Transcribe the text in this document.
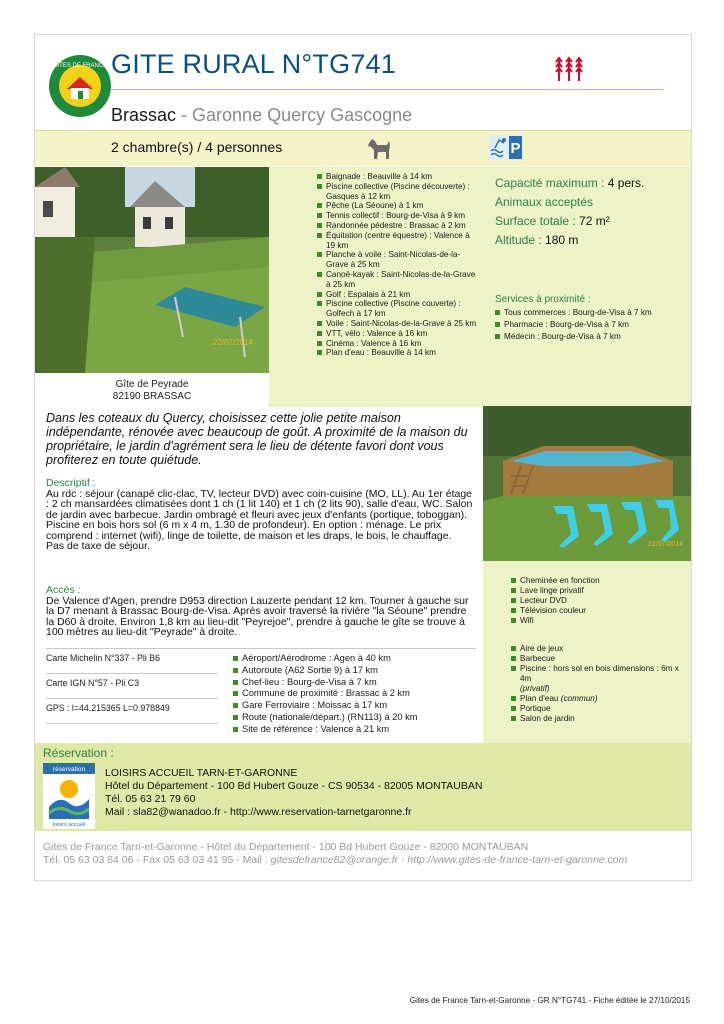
GÎTES DE FRANCE GITE RURAL N°TG741
Brassac - Garonne Quercy Gascogne
2 chambre(s) / 4 personnes	P
22/07/2014
Gîte de Peyrade
82190 BRASSAC
Baignade : Beauville à 14 km
Piscine collective (Piscine découverte) : Gasques à 12 km
Pêche (La Séoune) à 1 km
Tennis collectif : Bourg-de-Visa à 9 km
Randonnée pédestre : Brassac à 2 km
Équitation (centre équestre) : Valence à 19 km
Planche à voile : Saint-Nicolas-de-la-Grave à 25 km
Canoë-kayak : Saint-Nicolas-de-la-Grave à 25 km
Golf : Espalais à 21 km
Piscine collective (Piscine couverte) : Golfech à 17 km
Voile : Saint-Nicolas-de-la-Grave à 25 km
VTT, vélo : Valence à 16 km
Cinéma : Valence à 16 km
Plan d'eau : Beauville à 14 km
Capacité maximum : 4 pers.
Animaux acceptés
Surface totale : 72 m²
Altitude : 180 m
Services à proximité :
Tous commerces : Bourg-de-Visa à 7 km
Pharmacie : Bourg-de-Visa à 7 km
Médecin : Bourg-de-Visa à 7 km
Dans les coteaux du Quercy, choisissez cette jolie petite maison indépendante, rénovée avec beaucoup de goût. A proximité de la maison du propriétaire, le jardin d'agrément sera le lieu de détente favori dont vous profiterez en toute quiétude.
Descriptif :
Au rdc : séjour (canapé clic-clac, TV, lecteur DVD) avec coin-cuisine (MO, LL). Au 1er étage : 2 ch mansardées climatisées dont 1 ch (1 lit 140) et 1 ch (2 lits 90), salle d'eau, WC. Salon de jardin avec barbecue. Jardin ombragé et fleuri avec jeux d'enfants (portique, toboggan). Piscine en bois hors sol (6 m x 4 m, 1.30 de profondeur). En option : ménage. Le prix comprend : internet (wifi), linge de toilette, de maison et les draps, le bois, le chauffage.
Pas de taxe de séjour.
Accès :
De Valence d'Agen, prendre D953 direction Lauzerte pendant 12 km. Tourner à gauche sur la D7 menant à Brassac Bourg-de-Visa. Après avoir traversé la rivière "la Séoune" prendre la D60 à droite. Environ 1,8 km au lieu-dit "Peyrejoe", prendre à gauche le gîte se trouve à 100 mètres au lieu-dit "Peyrade" à droite.
22/07/2014
Cheminée en fonction
Lave linge privatif
Lecteur DVD
Télévision couleur
Wifi
Aire de jeux
Barbecue
Piscine : hors sol en bois dimensions : 6m x 4m
(privatif)
Plan d'eau (commun)
Portique
Salon de jardin
Carte Michelin N°337 - Pli B6
Carte IGN N°57 - Pli C3
GPS : l=44.215365 L=0.978849
Aéroport/Aérodrome : Agen à 40 km
Autoroute (A62 Sortie 9) à 17 km
Chef-lieu : Bourg-de-Visa à 7 km
Commune de proximité : Brassac à 2 km
Gare Ferroviaire : Moissac à 17 km
Route (nationale/départ.) (RN113) à 20 km
Site de référence : Valence à 21 km
Réservation :
réservation
loisirs accueil
LOISIRS ACCUEIL TARN-ET-GARONNE
Hôtel du Département - 100 Bd Hubert Gouze - CS 90534 - 82005 MONTAUBAN
Tél. 05 63 21 79 60
Mail : sla82@wanadoo.fr - http://www.reservation-tarnetgaronne.fr
Gites de France Tarn-et-Garonne - Hôtel du Département - 100 Bd Hubert Gouze - 82000 MONTAUBAN
Tél. 05 63 03 84 06 - Fax 05 63 03 41 95 - Mail : gitesdefrance82@orange.fr - http://www.gites-de-france-tarn-et-garonne.com
Gites de France Tarn-et-Garonne - GR N°TG741 - Fiche éditée le 27/10/2015
